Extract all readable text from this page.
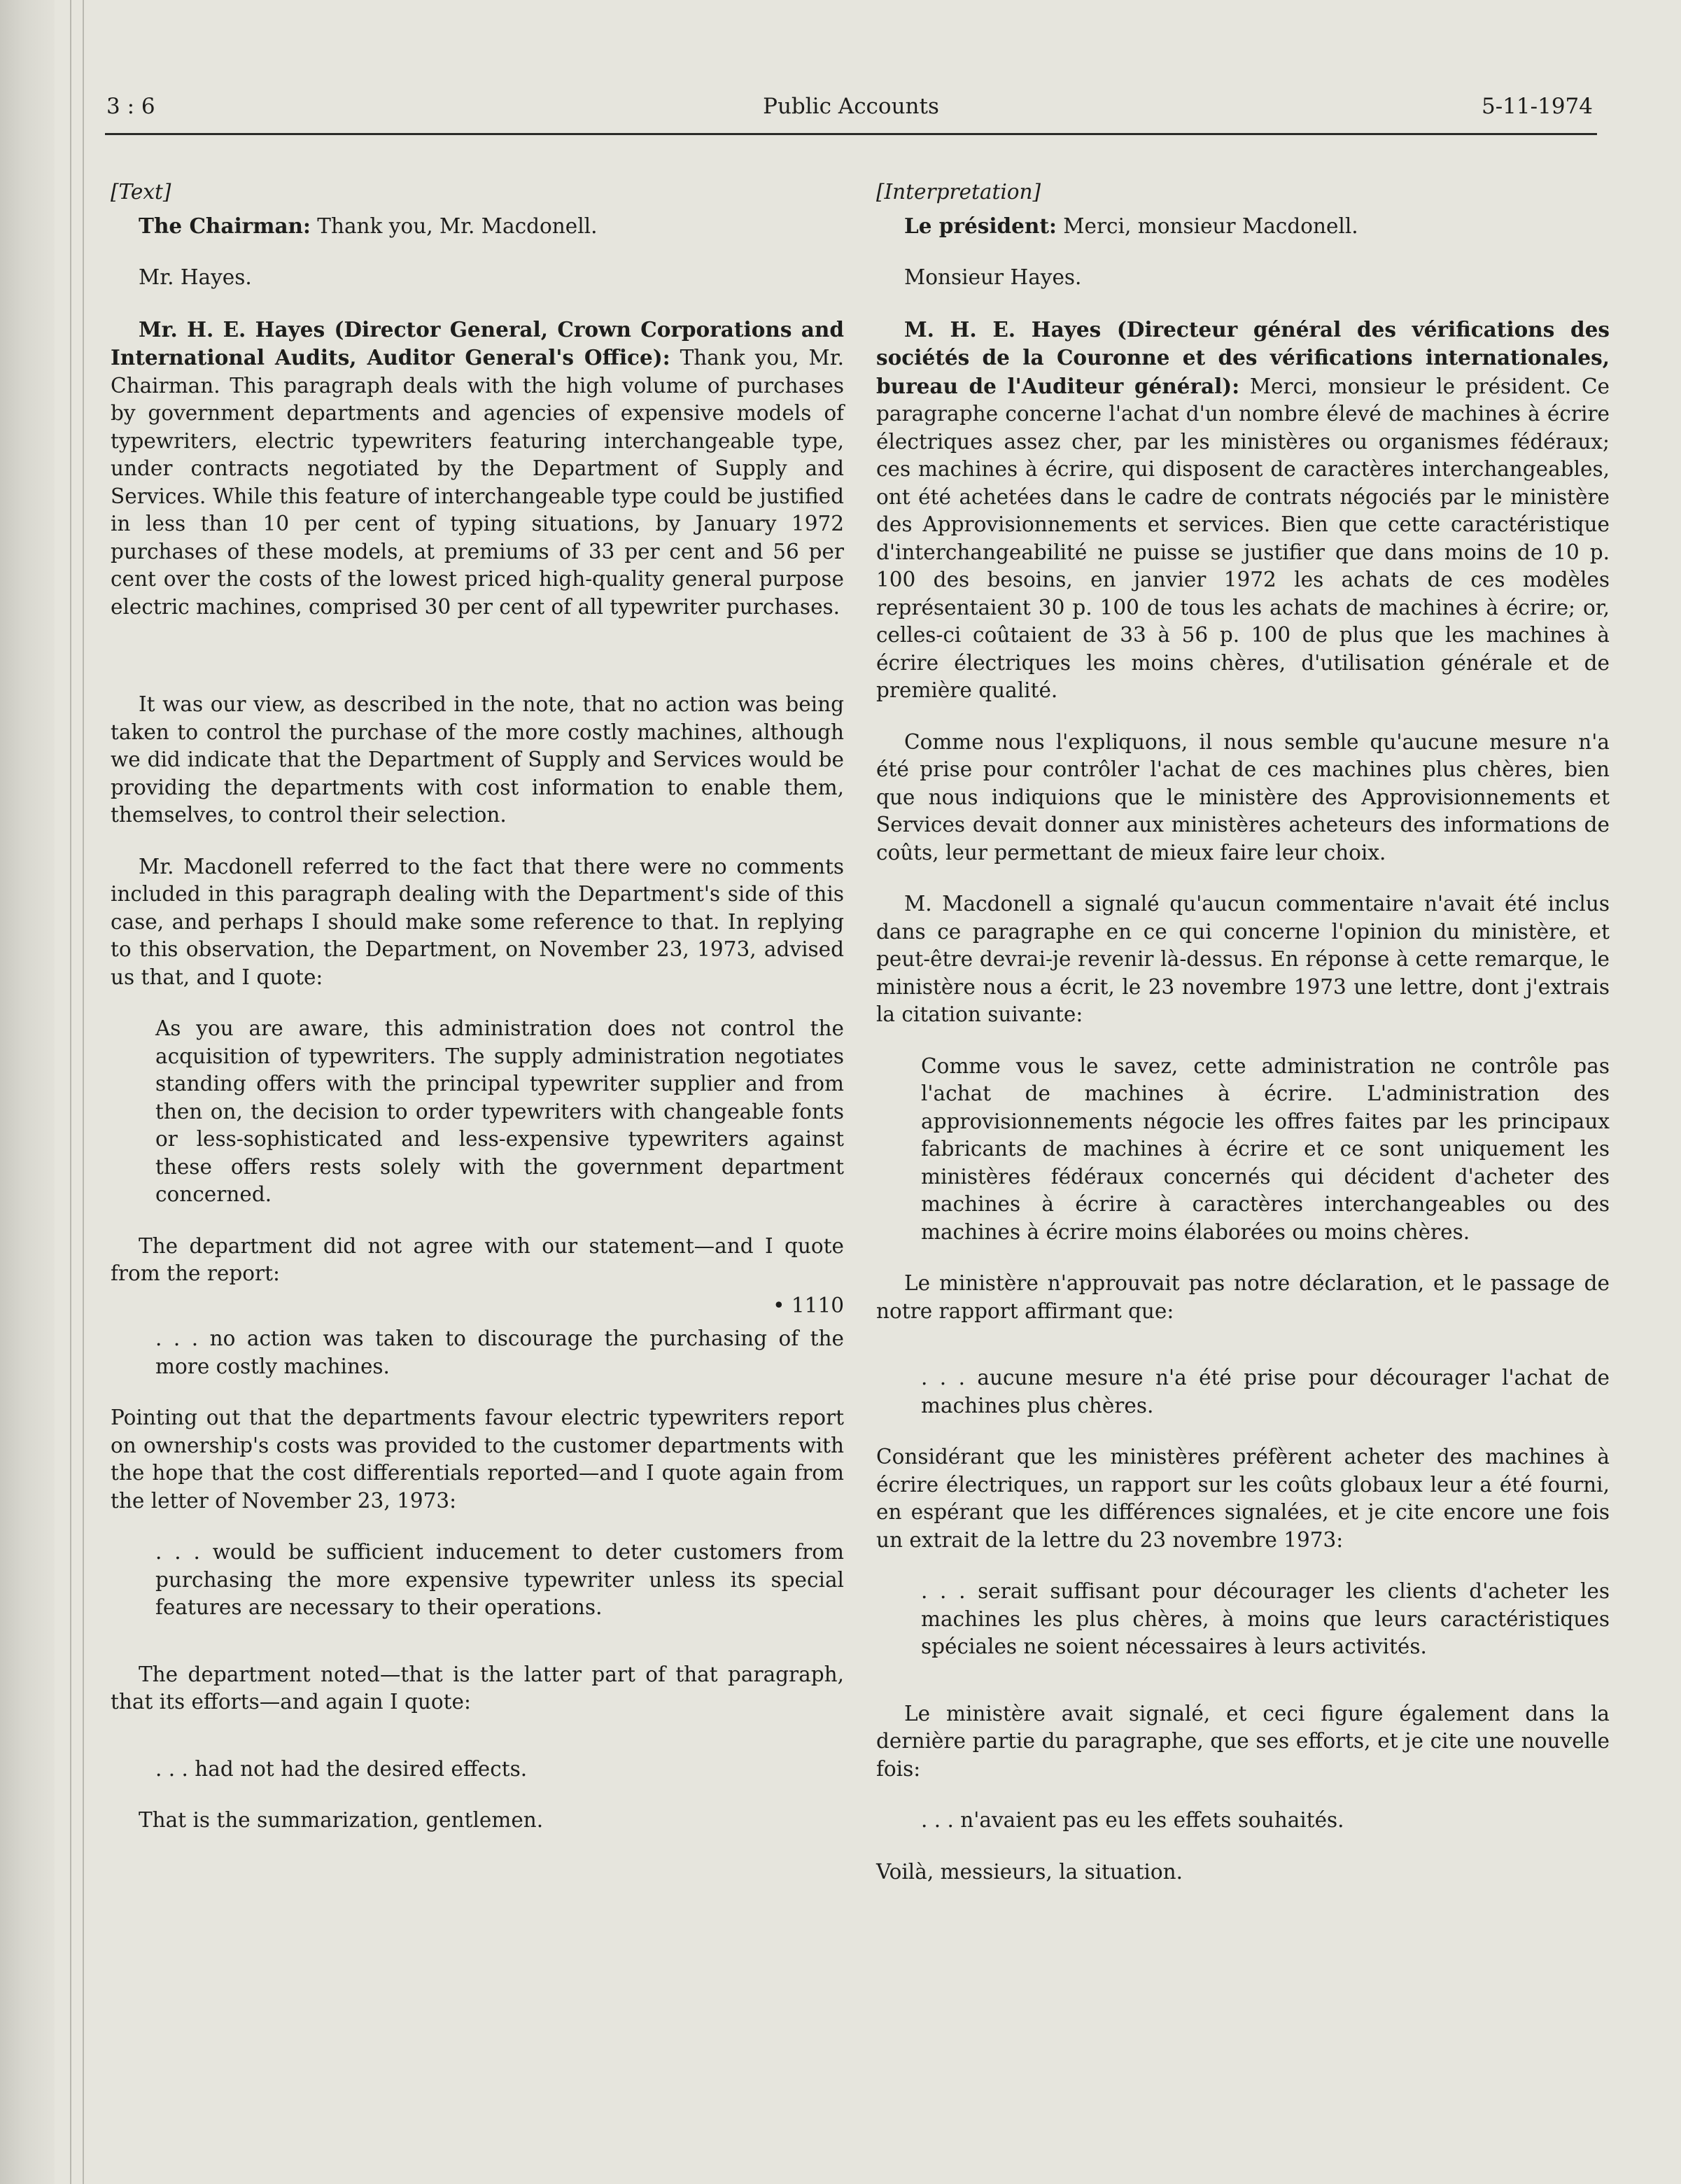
3 : 6	Public Accounts	5-11-1974

[Text]

The Chairman: Thank you, Mr. Macdonell.

Mr. Hayes.

Mr. H. E. Hayes (Director General, Crown Corporations and International Audits, Auditor General's Office): Thank you, Mr. Chairman. This paragraph deals with the high volume of purchases by government departments and agencies of expensive models of typewriters, electric typewriters featuring interchangeable type, under contracts negotiated by the Department of Supply and Services. While this feature of interchangeable type could be justified in less than 10 per cent of typing situations, by January 1972 purchases of these models, at premiums of 33 per cent and 56 per cent over the costs of the lowest priced high-quality general purpose electric machines, comprised 30 per cent of all typewriter purchases.

It was our view, as described in the note, that no action was being taken to control the purchase of the more costly machines, although we did indicate that the Department of Supply and Services would be providing the departments with cost information to enable them, themselves, to control their selection.

Mr. Macdonell referred to the fact that there were no comments included in this paragraph dealing with the Department's side of this case, and perhaps I should make some reference to that. In replying to this observation, the Department, on November 23, 1973, advised us that, and I quote:

As you are aware, this administration does not control the acquisition of typewriters. The supply administration negotiates standing offers with the principal typewriter supplier and from then on, the decision to order typewriters with changeable fonts or less-sophisticated and less-expensive typewriters against these offers rests solely with the government department concerned.

The department did not agree with our statement—and I quote from the report:

• 1110

. . . no action was taken to discourage the purchasing of the more costly machines.

Pointing out that the departments favour electric typewriters report on ownership's costs was provided to the customer departments with the hope that the cost differentials reported—and I quote again from the letter of November 23, 1973:

. . . would be sufficient inducement to deter customers from purchasing the more expensive typewriter unless its special features are necessary to their operations.

The department noted—that is the latter part of that paragraph, that its efforts—and again I quote:

. . . had not had the desired effects.

That is the summarization, gentlemen.

[Interpretation]

Le président: Merci, monsieur Macdonell.

Monsieur Hayes.

M. H. E. Hayes (Directeur général des vérifications des sociétés de la Couronne et des vérifications internationales, bureau de l'Auditeur général): Merci, monsieur le président. Ce paragraphe concerne l'achat d'un nombre élevé de machines à écrire électriques assez cher, par les ministères ou organismes fédéraux; ces machines à écrire, qui disposent de caractères interchangeables, ont été achetées dans le cadre de contrats négociés par le ministère des Approvisionnements et services. Bien que cette caractéristique d'interchangeabilité ne puisse se justifier que dans moins de 10 p. 100 des besoins, en janvier 1972 les achats de ces modèles représentaient 30 p. 100 de tous les achats de machines à écrire; or, celles-ci coûtaient de 33 à 56 p. 100 de plus que les machines à écrire électriques les moins chères, d'utilisation générale et de première qualité.

Comme nous l'expliquons, il nous semble qu'aucune mesure n'a été prise pour contrôler l'achat de ces machines plus chères, bien que nous indiquions que le ministère des Approvisionnements et Services devait donner aux ministères acheteurs des informations de coûts, leur permettant de mieux faire leur choix.

M. Macdonell a signalé qu'aucun commentaire n'avait été inclus dans ce paragraphe en ce qui concerne l'opinion du ministère, et peut-être devrai-je revenir là-dessus. En réponse à cette remarque, le ministère nous a écrit, le 23 novembre 1973 une lettre, dont j'extrais la citation suivante:

Comme vous le savez, cette administration ne contrôle pas l'achat de machines à écrire. L'administration des approvisionnements négocie les offres faites par les principaux fabricants de machines à écrire et ce sont uniquement les ministères fédéraux concernés qui décident d'acheter des machines à écrire à caractères interchangeables ou des machines à écrire moins élaborées ou moins chères.

Le ministère n'approuvait pas notre déclaration, et le passage de notre rapport affirmant que:

. . . aucune mesure n'a été prise pour décourager l'achat de machines plus chères.

Considérant que les ministères préfèrent acheter des machines à écrire électriques, un rapport sur les coûts globaux leur a été fourni, en espérant que les différences signalées, et je cite encore une fois un extrait de la lettre du 23 novembre 1973:

. . . serait suffisant pour décourager les clients d'acheter les machines les plus chères, à moins que leurs caractéristiques spéciales ne soient nécessaires à leurs activités.

Le ministère avait signalé, et ceci figure également dans la dernière partie du paragraphe, que ses efforts, et je cite une nouvelle fois:

. . . n'avaient pas eu les effets souhaités.

Voilà, messieurs, la situation.
